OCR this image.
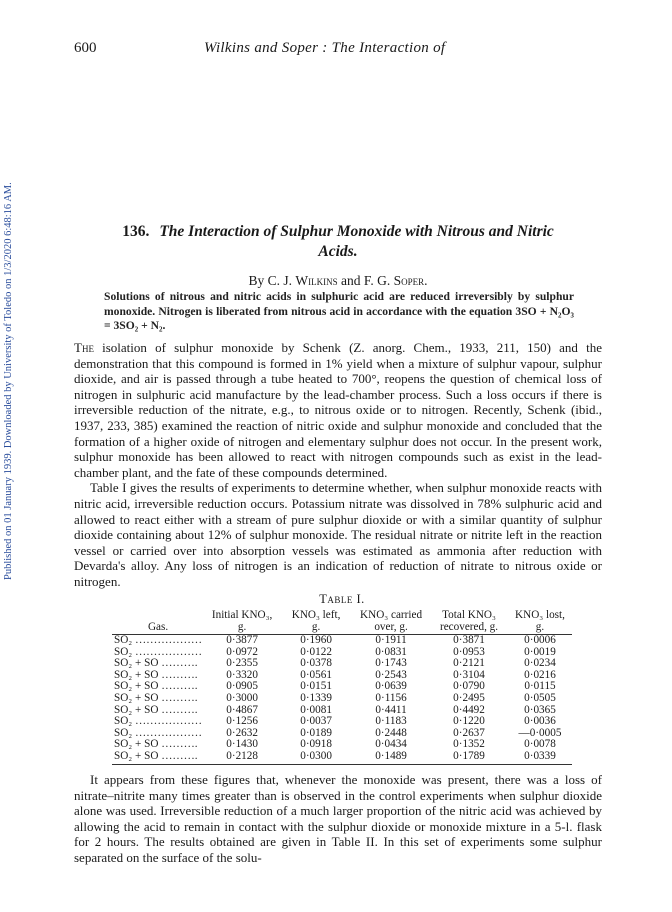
600	Wilkins and Soper : The Interaction of
Published on 01 January 1939. Downloaded by University of Toledo on 1/3/2020 6:48:16 AM.	136. The Interaction of Sulphur Monoxide with Nitrous and Nitric
Acids.
By C. J. Wilkins and F. G. Soper.
Solutions of nitrous and nitric acids in sulphuric acid are reduced irreversibly by sulphur monoxide. Nitrogen is liberated from nitrous acid in accordance with the equation 3SO + N₂O₃ = 3SO₂ + N₂.

The isolation of sulphur monoxide by Schenk (Z. anorg. Chem., 1933, 211, 150) and the demonstration that this compound is formed in 1% yield when a mixture of sulphur vapour, sulphur dioxide, and air is passed through a tube heated to 700°, reopens the question of chemical loss of nitrogen in sulphuric acid manufacture by the lead-chamber process. Such a loss occurs if there is irreversible reduction of the nitrate, e.g., to nitrous oxide or to nitrogen. Recently, Schenk (ibid., 1937, 233, 385) examined the reaction of nitric oxide and sulphur monoxide and concluded that the formation of a higher oxide of nitrogen and elementary sulphur does not occur. In the present work, sulphur monoxide has been allowed to react with nitrogen compounds such as exist in the lead-chamber plant, and the fate of these compounds determined.

Table I gives the results of experiments to determine whether, when sulphur monoxide reacts with nitric acid, irreversible reduction occurs. Potassium nitrate was dissolved in 78% sulphuric acid and allowed to react either with a stream of pure sulphur dioxide or with a similar quantity of sulphur dioxide containing about 12% of sulphur monoxide. The residual nitrate or nitrite left in the reaction vessel or carried over into absorption vessels was estimated as ammonia after reduction with Devarda's alloy. Any loss of nitrogen is an indication of reduction of nitrate to nitrous oxide or nitrogen.

Table I.
	Initial KNO₃,	KNO₃ left,	KNO₃ carried	Total KNO₃	KNO₃ lost,
Gas.	g.	g.	over, g.	recovered, g.	g.
SO₂ ………………	0·3877	0·1960	0·1911	0·3871	0·0006
SO₂ ………………	0·0972	0·0122	0·0831	0·0953	0·0019
SO₂ + SO ……….	0·2355	0·0378	0·1743	0·2121	0·0234
SO₂ + SO ……….	0·3320	0·0561	0·2543	0·3104	0·0216
SO₂ + SO ……….	0·0905	0·0151	0·0639	0·0790	0·0115
SO₂ + SO ……….	0·3000	0·1339	0·1156	0·2495	0·0505
SO₂ + SO ……….	0·4867	0·0081	0·4411	0·4492	0·0365
SO₂ ………………	0·1256	0·0037	0·1183	0·1220	0·0036
SO₂ ………………	0·2632	0·0189	0·2448	0·2637	—0·0005
SO₂ + SO ……….	0·1430	0·0918	0·0434	0·1352	0·0078
SO₂ + SO ……….	0·2128	0·0300	0·1489	0·1789	0·0339

It appears from these figures that, whenever the monoxide was present, there was a loss of nitrate–nitrite many times greater than is observed in the control experiments when sulphur dioxide alone was used. Irreversible reduction of a much larger proportion of the nitric acid was achieved by allowing the acid to remain in contact with the sulphur dioxide or monoxide mixture in a 5-l. flask for 2 hours. The results obtained are given in Table II. In this set of experiments some sulphur separated on the surface of the solu-
